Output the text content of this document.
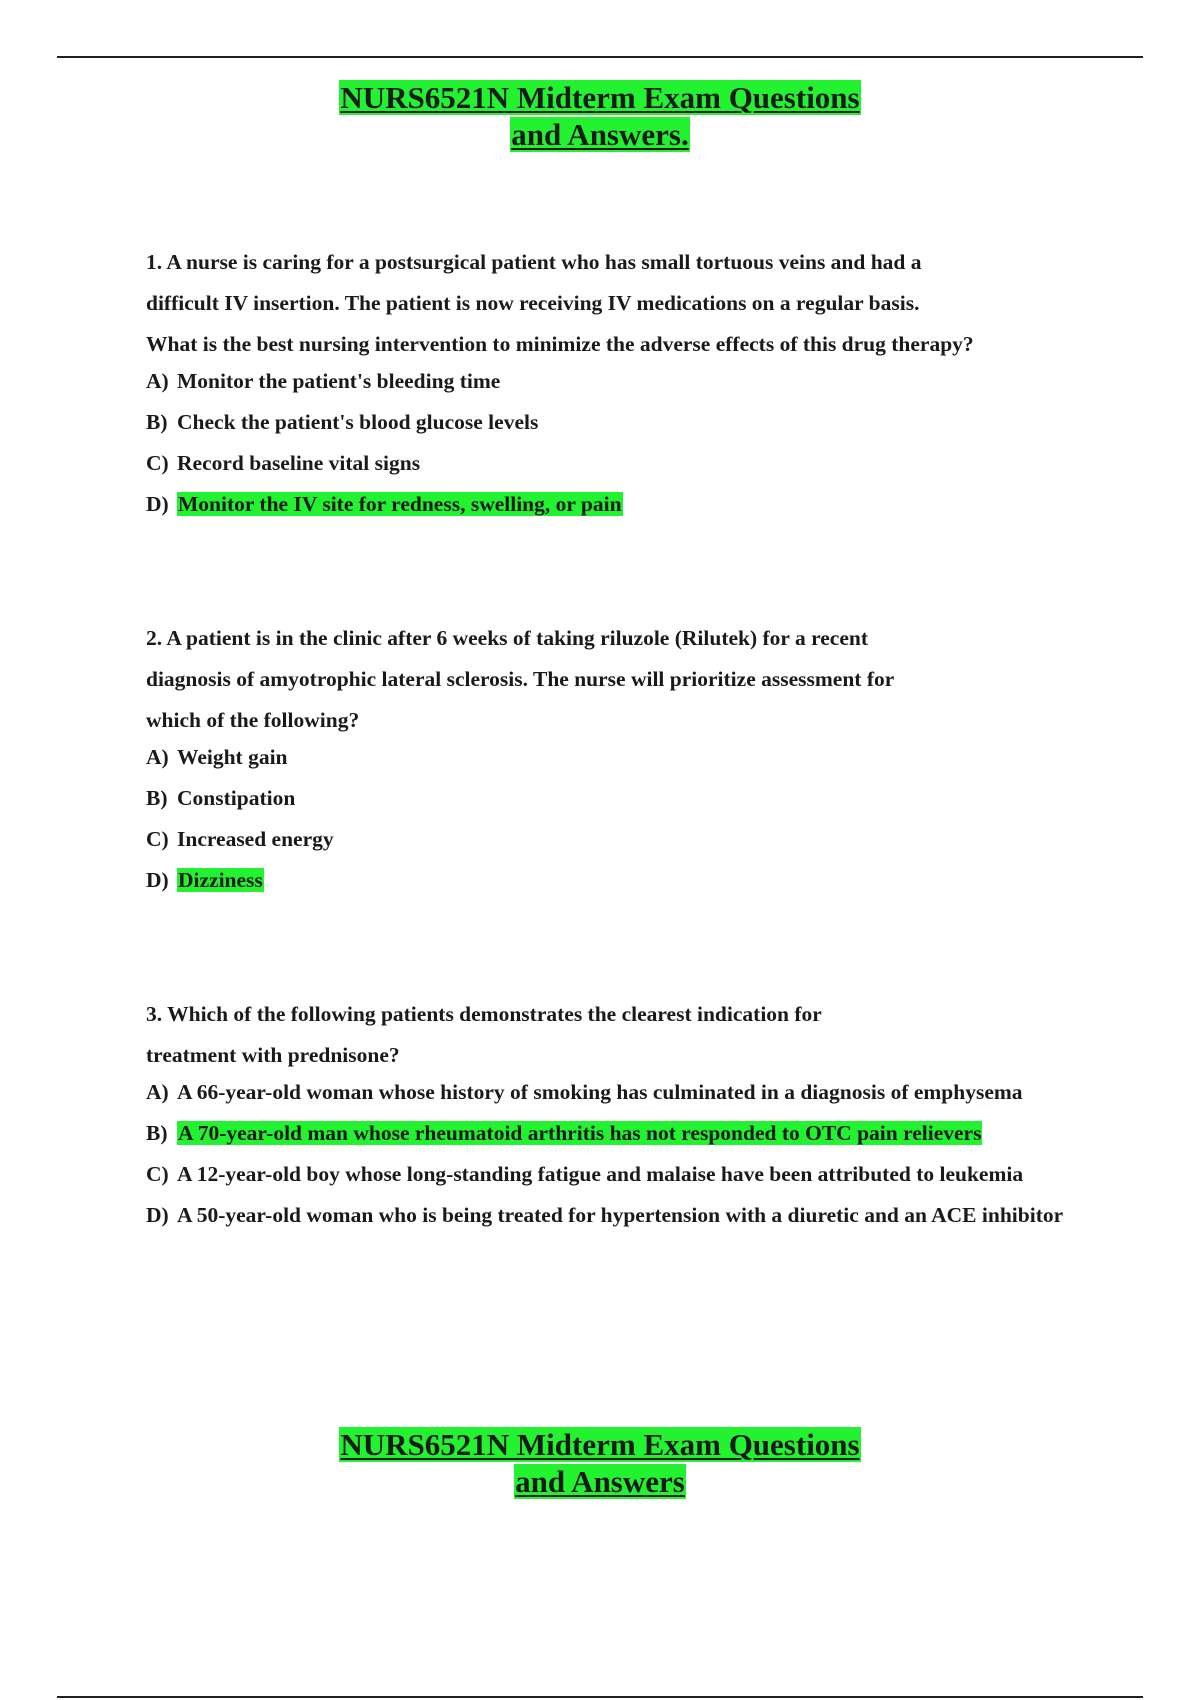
NURS6521N Midterm Exam Questions
and Answers.

1. A nurse is caring for a postsurgical patient who has small tortuous veins and had a
difficult IV insertion. The patient is now receiving IV medications on a regular basis.
What is the best nursing intervention to minimize the adverse effects of this drug therapy?

A) Monitor the patient's bleeding time
B) Check the patient's blood glucose levels
C) Record baseline vital signs
D) Monitor the IV site for redness, swelling, or pain

2. A patient is in the clinic after 6 weeks of taking riluzole (Rilutek) for a recent
diagnosis of amyotrophic lateral sclerosis. The nurse will prioritize assessment for
which of the following?

A) Weight gain
B) Constipation
C) Increased energy
D) Dizziness

3. Which of the following patients demonstrates the clearest indication for
treatment with prednisone?

A) A 66-year-old woman whose history of smoking has culminated in a diagnosis of emphysema
B) A 70-year-old man whose rheumatoid arthritis has not responded to OTC pain relievers
C) A 12-year-old boy whose long-standing fatigue and malaise have been attributed to leukemia
D) A 50-year-old woman who is being treated for hypertension with a diuretic and an ACE inhibitor
NURS6521N Midterm Exam Questions
and Answers
